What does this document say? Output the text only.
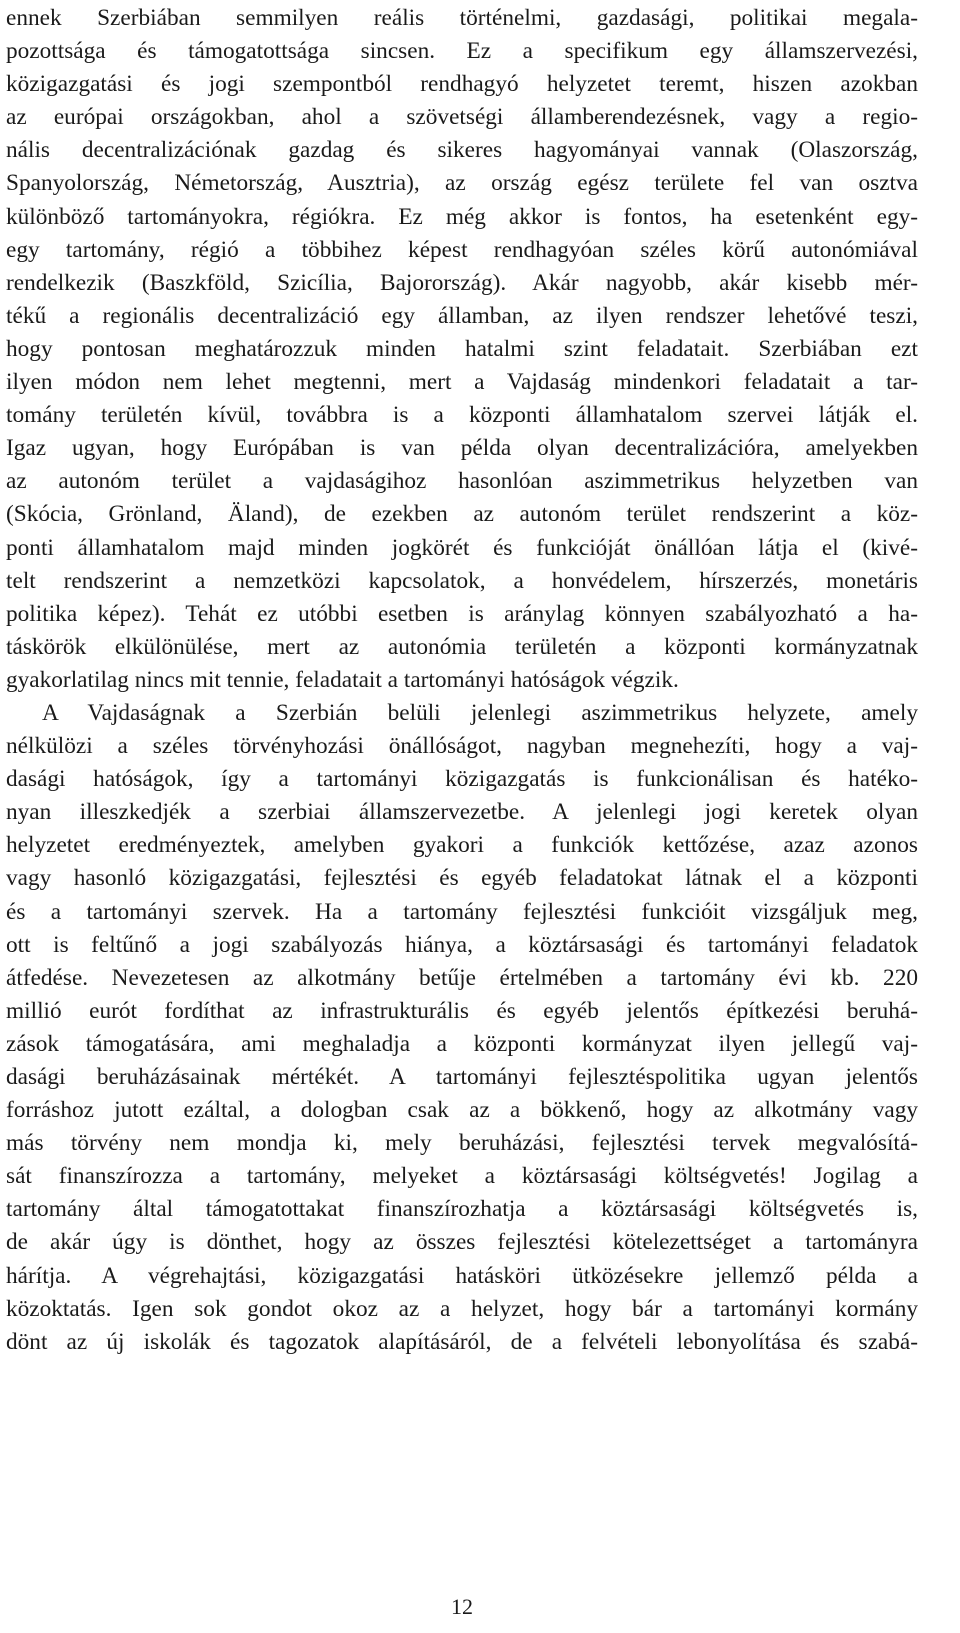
ennek Szerbiában semmilyen reális történelmi, gazdasági, politikai megala-
pozottsága és támogatottsága sincsen. Ez a specifikum egy államszervezési,
közigazgatási és jogi szempontból rendhagyó helyzetet teremt, hiszen azokban
az európai országokban, ahol a szövetségi államberendezésnek, vagy a regio-
nális decentralizációnak gazdag és sikeres hagyományai vannak (Olaszország,
Spanyolország, Németország, Ausztria), az ország egész területe fel van osztva
különböző tartományokra, régiókra. Ez még akkor is fontos, ha esetenként egy-
egy tartomány, régió a többihez képest rendhagyóan széles körű autonómiával
rendelkezik (Baszkföld, Szicília, Bajorország). Akár nagyobb, akár kisebb mér-
tékű a regionális decentralizáció egy államban, az ilyen rendszer lehetővé teszi,
hogy pontosan meghatározzuk minden hatalmi szint feladatait. Szerbiában ezt
ilyen módon nem lehet megtenni, mert a Vajdaság mindenkori feladatait a tar-
tomány területén kívül, továbbra is a központi államhatalom szervei látják el.
Igaz ugyan, hogy Európában is van példa olyan decentralizációra, amelyekben
az autonóm terület a vajdaságihoz hasonlóan aszimmetrikus helyzetben van
(Skócia, Grönland, Äland), de ezekben az autonóm terület rendszerint a köz-
ponti államhatalom majd minden jogkörét és funkcióját önállóan látja el (kivé-
telt rendszerint a nemzetközi kapcsolatok, a honvédelem, hírszerzés, monetáris
politika képez). Tehát ez utóbbi esetben is aránylag könnyen szabályozható a ha-
táskörök elkülönülése, mert az autonómia területén a központi kormányzatnak
gyakorlatilag nincs mit tennie, feladatait a tartományi hatóságok végzik.
A Vajdaságnak a Szerbián belüli jelenlegi aszimmetrikus helyzete, amely
nélkülözi a széles törvényhozási önállóságot, nagyban megnehezíti, hogy a vaj-
dasági hatóságok, így a tartományi közigazgatás is funkcionálisan és hatéko-
nyan illeszkedjék a szerbiai államszervezetbe. A jelenlegi jogi keretek olyan
helyzetet eredményeztek, amelyben gyakori a funkciók kettőzése, azaz azonos
vagy hasonló közigazgatási, fejlesztési és egyéb feladatokat látnak el a központi
és a tartományi szervek. Ha a tartomány fejlesztési funkcióit vizsgáljuk meg,
ott is feltűnő a jogi szabályozás hiánya, a köztársasági és tartományi feladatok
átfedése. Nevezetesen az alkotmány betűje értelmében a tartomány évi kb. 220
millió eurót fordíthat az infrastrukturális és egyéb jelentős építkezési beruhá-
zások támogatására, ami meghaladja a központi kormányzat ilyen jellegű vaj-
dasági beruházásainak mértékét. A tartományi fejlesztéspolitika ugyan jelentős
forráshoz jutott ezáltal, a dologban csak az a bökkenő, hogy az alkotmány vagy
más törvény nem mondja ki, mely beruházási, fejlesztési tervek megvalósítá-
sát finanszírozza a tartomány, melyeket a köztársasági költségvetés! Jogilag a
tartomány által támogatottakat finanszírozhatja a köztársasági költségvetés is,
de akár úgy is dönthet, hogy az összes fejlesztési kötelezettséget a tartományra
hárítja. A végrehajtási, közigazgatási hatásköri ütközésekre jellemző példa a
közoktatás. Igen sok gondot okoz az a helyzet, hogy bár a tartományi kormány
dönt az új iskolák és tagozatok alapításáról, de a felvételi lebonyolítása és szabá-
12
